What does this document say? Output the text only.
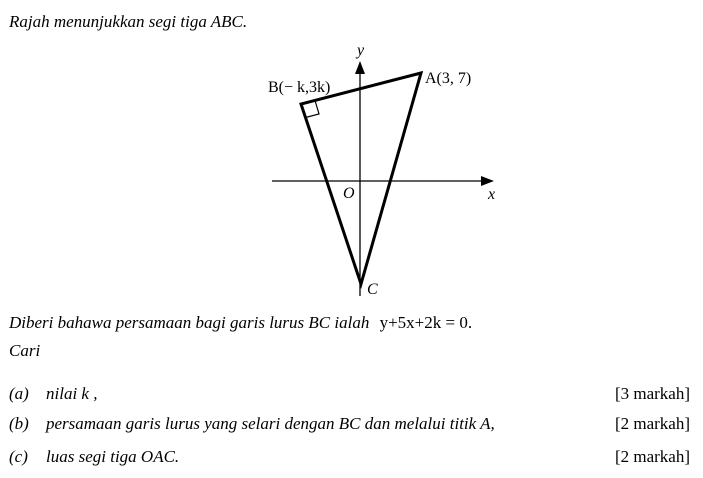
Rajah menunjukkan segi tiga ABC.
y
x
O
A(3, 7)
B(− k,3k)
C
Diberi bahawa persamaan bagi garis lurus BC ialah y+5x+2k = 0.
Cari
(a) nilai k ,	[3 markah]
(b) persamaan garis lurus yang selari dengan BC dan melalui titik A,	[2 markah]
(c) luas segi tiga OAC.	[2 markah]
